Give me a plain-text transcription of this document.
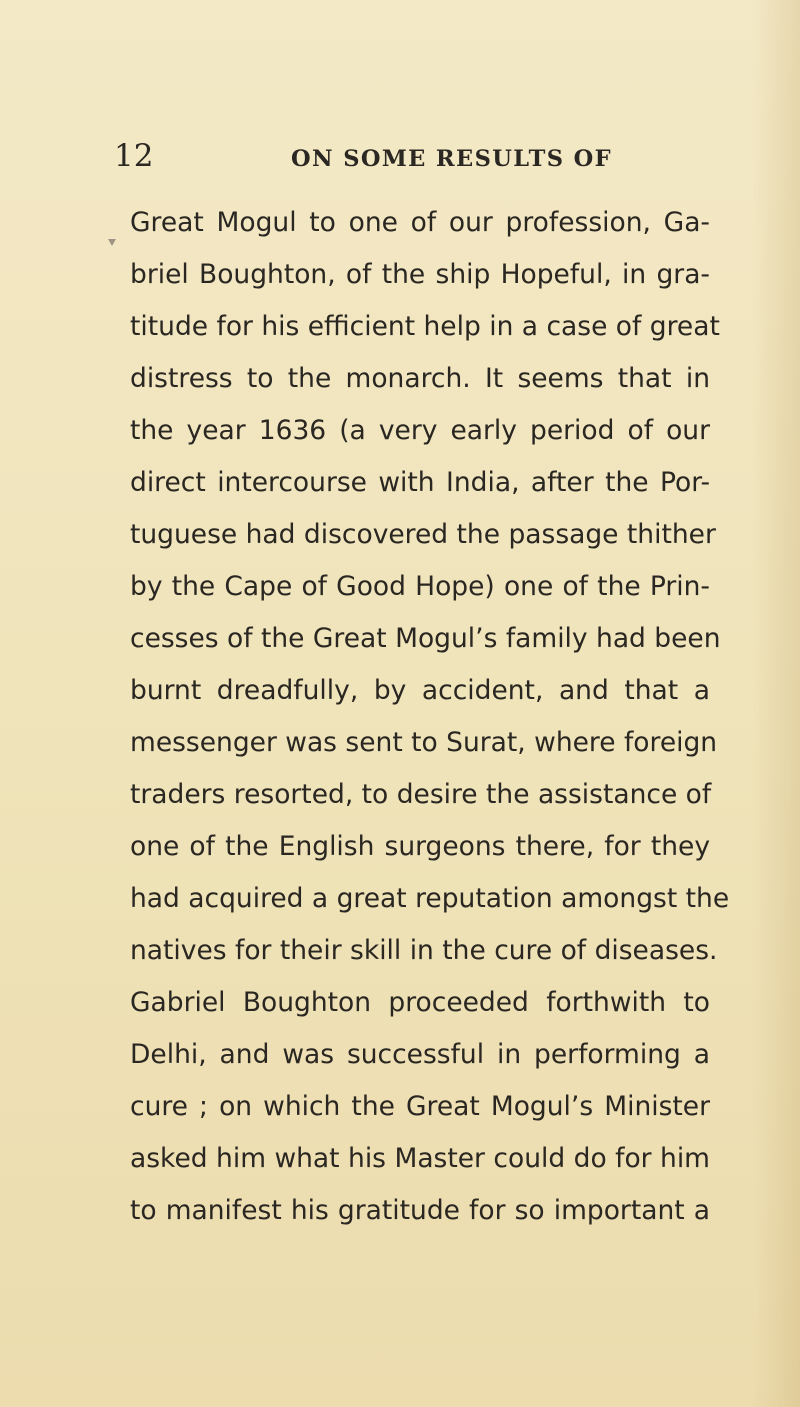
12	ON SOME RESULTS OF
Great Mogul to one of our profession, Ga-
briel Boughton, of the ship Hopeful, in gra-
titude for his efficient help in a case of great
distress to the monarch. It seems that in
the year 1636 (a very early period of our
direct intercourse with India, after the Por-
tuguese had discovered the passage thither
by the Cape of Good Hope) one of the Prin-
cesses of the Great Mogul’s family had been
burnt dreadfully, by accident, and that a
messenger was sent to Surat, where foreign
traders resorted, to desire the assistance of
one of the English surgeons there, for they
had acquired a great reputation amongst the
natives for their skill in the cure of diseases.
Gabriel Boughton proceeded forthwith to
Delhi, and was successful in performing a
cure ; on which the Great Mogul’s Minister
asked him what his Master could do for him
to manifest his gratitude for so important a
